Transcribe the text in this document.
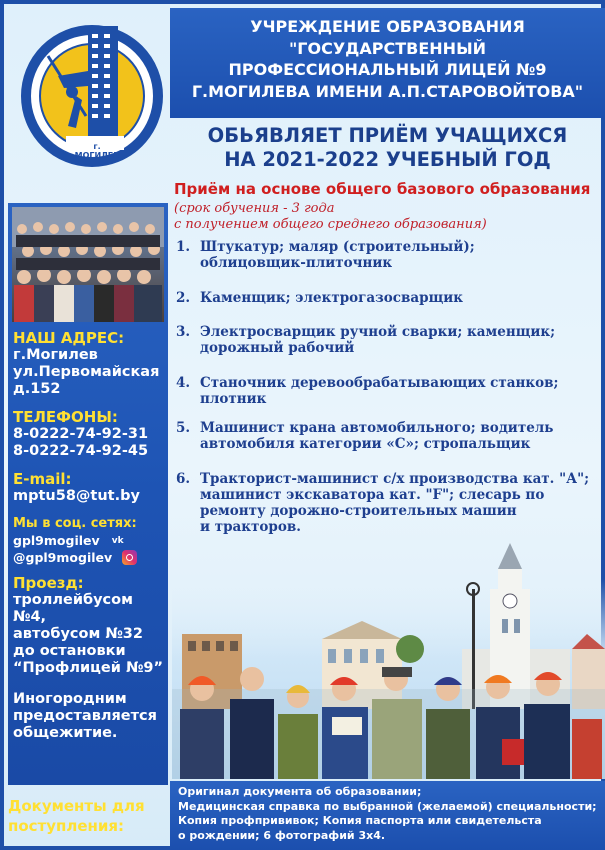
г. МОГИЛЕВ
НАШ АДРЕС:
г.Могилев
ул.Первомайская
д.152
ТЕЛЕФОНЫ:
8-0222-74-92-31
8-0222-74-92-45
E-mail:
mptu58@tut.by
Мы в соц. сетях:
gpl9mogilev vk
@gpl9mogilev
Проезд:
троллейбусом №4,
автобусом №32
до остановки
“Профлицей №9”
Иногородним
предоставляется
общежитие.
Документы для поступления:
УЧРЕЖДЕНИЕ ОБРАЗОВАНИЯ
"ГОСУДАРСТВЕННЫЙ
ПРОФЕССИОНАЛЬНЫЙ ЛИЦЕЙ №9
Г.МОГИЛЕВА ИМЕНИ А.П.СТАРОВОЙТОВА"
ОБЬЯВЛЯЕТ ПРИЁМ УЧАЩИХСЯ
НА 2021-2022 УЧЕБНЫЙ ГОД
Приём на основе общего базового образования
(срок обучения - 3 года
с получением общего среднего образования)
1. Штукатур; маляр (строительный);
облицовщик-плиточник
2. Каменщик; электрогазосварщик
3. Электросварщик ручной сварки; каменщик;
дорожный рабочий
4. Станочник деревообрабатывающих станков;
плотник
5. Машинист крана автомобильного; водитель
автомобиля категории «С»; стропальщик
6. Тракторист-машинист с/х производства кат. "А";
машинист экскаватора кат. "F"; слесарь по
ремонту дорожно-строительных машин
и тракторов.
Оригинал документа об образовании;
Медицинская справка по выбранной (желаемой) специальности;
Копия профпрививок; Копия паспорта или свидетельста
о рождении; 6 фотографий 3х4.
